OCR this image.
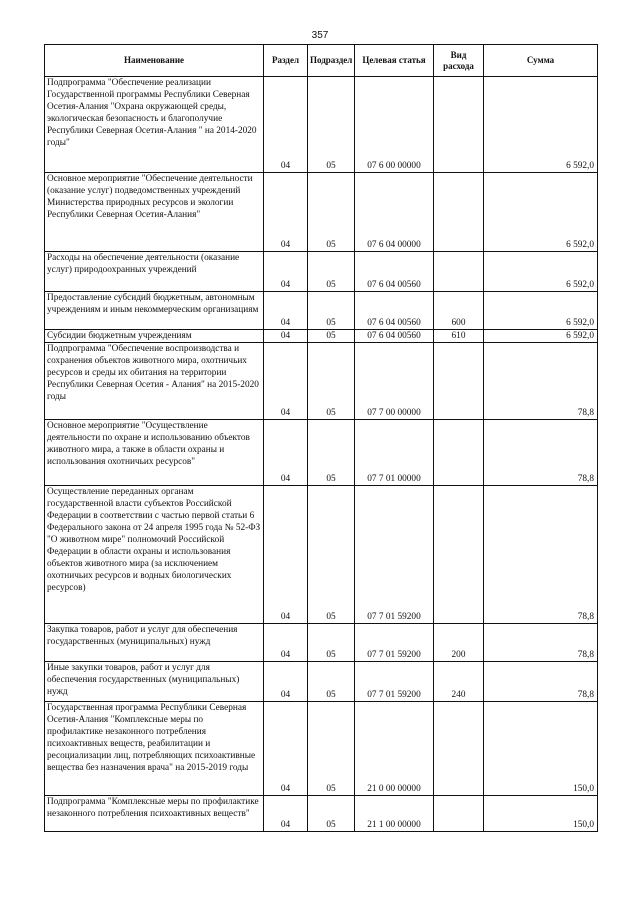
357
Наименование	Раздел	Подраздел	Целевая статья	Вид расхода	Сумма
Подпрограмма "Обеспечение реализации Государственной программы Республики Северная Осетия-Алания "Охрана окружающей среды, экологическая безопасность и благополучие Республики Северная Осетия-Алания " на 2014-2020 годы"	04	05	07 6 00 00000		6 592,0
Основное мероприятие "Обеспечение деятельности (оказание услуг) подведомственных учреждений Министерства природных ресурсов и экологии Республики Северная Осетия-Алания"	04	05	07 6 04 00000		6 592,0
Расходы на обеспечение деятельности (оказание услуг) природоохранных учреждений	04	05	07 6 04 00560		6 592,0
Предоставление субсидий бюджетным, автономным учреждениям и иным некоммерческим организациям	04	05	07 6 04 00560	600	6 592,0
Субсидии бюджетным учреждениям	04	05	07 6 04 00560	610	6 592,0
Подпрограмма "Обеспечение воспроизводства и сохранения объектов животного мира, охотничьих ресурсов и среды их обитания на территории Республики Северная Осетия - Алания" на 2015-2020 годы	04	05	07 7 00 00000		78,8
Основное мероприятие "Осуществление деятельности по охране и использованию объектов животного мира, а также в области охраны и использования охотничьих ресурсов"	04	05	07 7 01 00000		78,8
Осуществление переданных органам государственной власти субъектов Российской Федерации в соответствии с частью первой статьи 6 Федерального закона от 24 апреля 1995 года № 52-ФЗ "О животном мире" полномочий Российской Федерации в области охраны и использования объектов животного мира (за исключением охотничьих ресурсов и водных биологических ресурсов)	04	05	07 7 01 59200		78,8
Закупка товаров, работ и услуг для обеспечения государственных (муниципальных) нужд	04	05	07 7 01 59200	200	78,8
Иные закупки товаров, работ и услуг для обеспечения государственных (муниципальных) нужд	04	05	07 7 01 59200	240	78,8
Государственная программа Республики Северная Осетия-Алания "Комплексные меры по профилактике незаконного потребления психоактивных веществ, реабилитации и ресоциализации лиц, потребляющих психоактивные вещества без назначения врача" на 2015-2019 годы	04	05	21 0 00 00000		150,0
Подпрограмма "Комплексные меры по профилактике незаконного потребления психоактивных веществ"	04	05	21 1 00 00000		150,0
